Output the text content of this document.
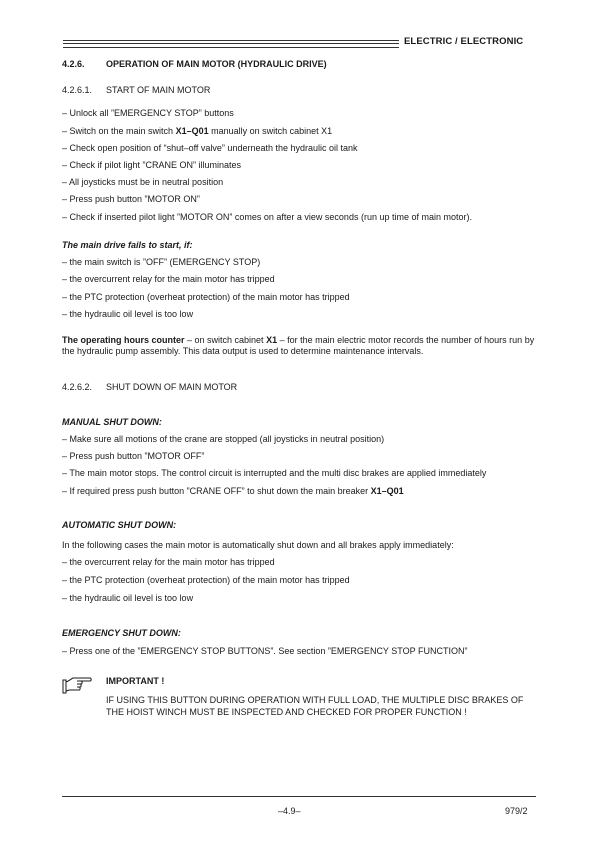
ELECTRIC / ELECTRONIC
4.2.6. OPERATION OF MAIN MOTOR (HYDRAULIC DRIVE)
4.2.6.1. START OF MAIN MOTOR
– Unlock all ”EMERGENCY STOP” buttons
– Switch on the main switch X1–Q01 manually on switch cabinet X1
– Check open position of “shut–off valve” underneath the hydraulic oil tank
– Check if pilot light ”CRANE ON” illuminates
– All joysticks must be in neutral position
– Press push button ”MOTOR ON”
– Check if inserted pilot light ”MOTOR ON” comes on after a view seconds (run up time of main motor).
The main drive fails to start, if:
– the main switch is ”OFF” (EMERGENCY STOP)
– the overcurrent relay for the main motor has tripped
– the PTC protection (overheat protection) of the main motor has tripped
– the hydraulic oil level is too low
The operating hours counter – on switch cabinet X1 – for the main electric motor records the number of hours run by the hydraulic pump assembly. This data output is used to determine maintenance intervals.
4.2.6.2. SHUT DOWN OF MAIN MOTOR
MANUAL SHUT DOWN:
– Make sure all motions of the crane are stopped (all joysticks in neutral position)
– Press push button ”MOTOR OFF”
– The main motor stops. The control circuit is interrupted and the multi disc brakes are applied immediately
– If required press push button ”CRANE OFF” to shut down the main breaker X1–Q01
AUTOMATIC SHUT DOWN:
In the following cases the main motor is automatically shut down and all brakes apply immediately:
– the overcurrent relay for the main motor has tripped
– the PTC protection (overheat protection) of the main motor has tripped
– the hydraulic oil level is too low
EMERGENCY SHUT DOWN:
– Press one of the ”EMERGENCY STOP BUTTONS”. See section ”EMERGENCY STOP FUNCTION”
IMPORTANT !
IF USING THIS BUTTON DURING OPERATION WITH FULL LOAD, THE MULTIPLE DISC BRAKES OF THE HOIST WINCH MUST BE INSPECTED AND CHECKED FOR PROPER FUNCTION !
–4.9–	979/2
